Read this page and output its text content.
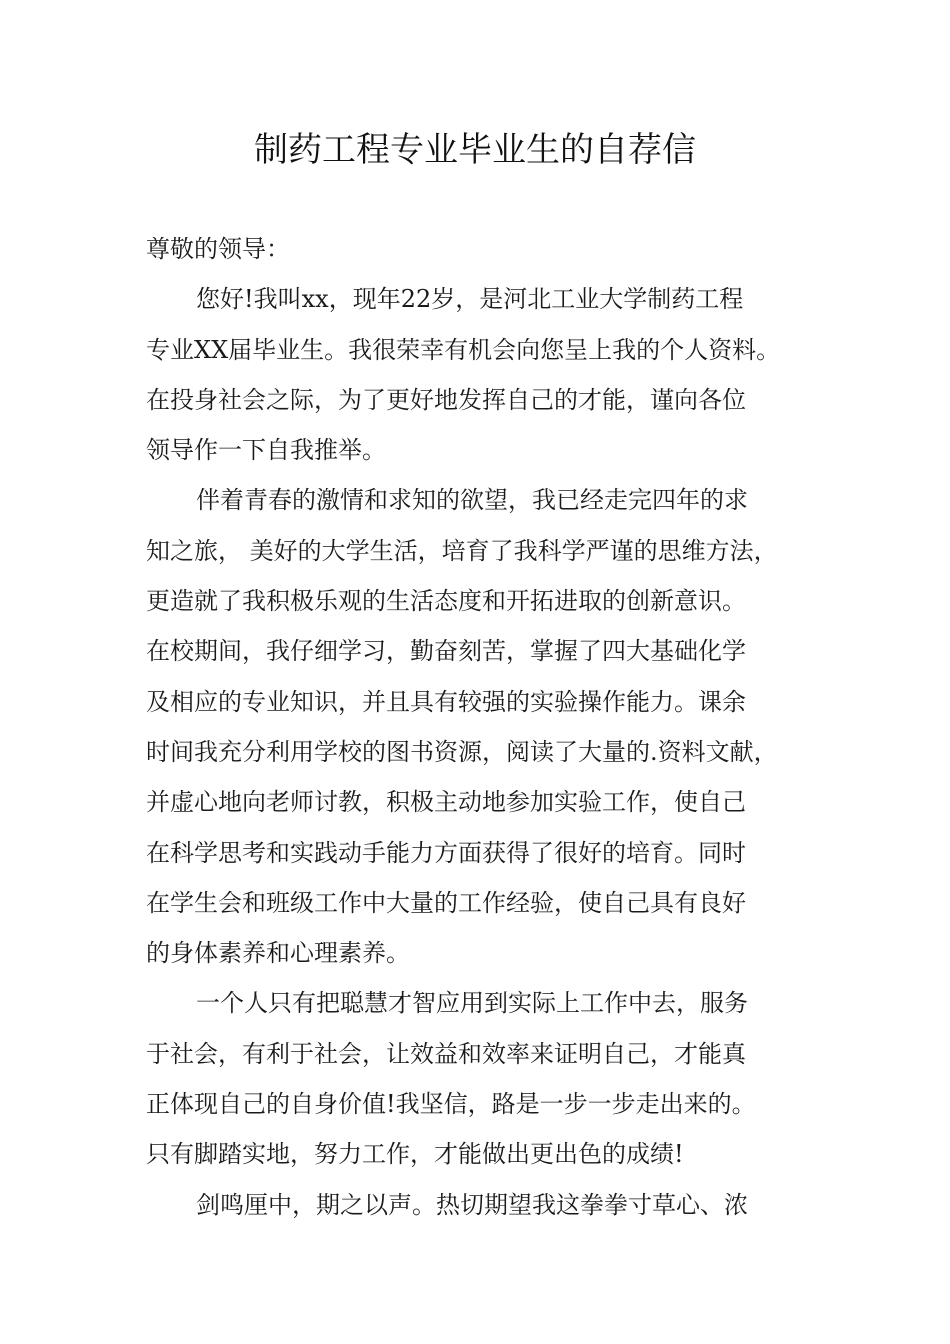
制药工程专业毕业生的自荐信
尊敬的领导：
您好!我叫xx，现年22岁，是河北工业大学制药工程
专业XX届毕业生。我很荣幸有机会向您呈上我的个人资料。
在投身社会之际，为了更好地发挥自己的才能，谨向各位
领导作一下自我推举。
伴着青春的激情和求知的欲望，我已经走完四年的求
知之旅， 美好的大学生活，培育了我科学严谨的思维方法，
更造就了我积极乐观的生活态度和开拓进取的创新意识。
在校期间，我仔细学习，勤奋刻苦，掌握了四大基础化学
及相应的专业知识，并且具有较强的实验操作能力。课余
时间我充分利用学校的图书资源，阅读了大量的.资料文献，
并虚心地向老师讨教，积极主动地参加实验工作，使自己
在科学思考和实践动手能力方面获得了很好的培育。同时
在学生会和班级工作中大量的工作经验，使自己具有良好
的身体素养和心理素养。
一个人只有把聪慧才智应用到实际上工作中去，服务
于社会，有利于社会，让效益和效率来证明自己，才能真
正体现自己的自身价值!我坚信，路是一步一步走出来的。
只有脚踏实地，努力工作，才能做出更出色的成绩!
剑鸣厘中，期之以声。热切期望我这拳拳寸草心、浓
